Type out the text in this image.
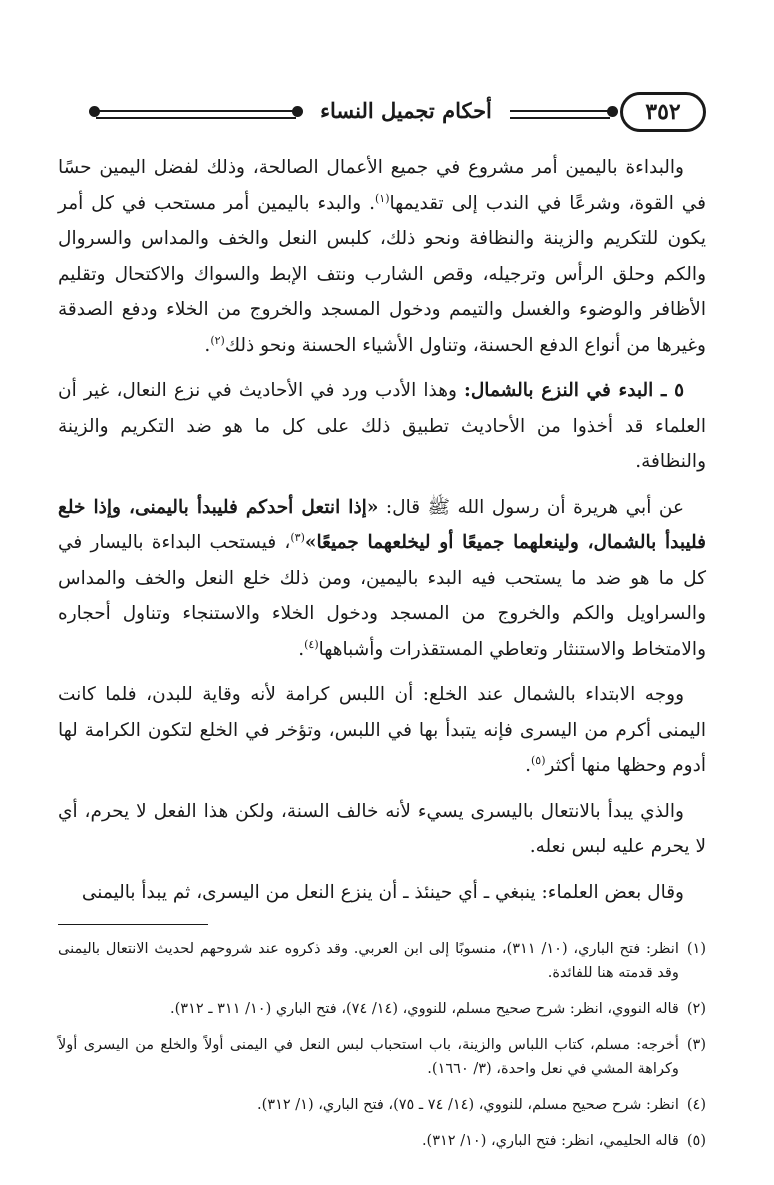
٣٥٢
أحكام تجميل النساء

والبداءة باليمين أمر مشروع في جميع الأعمال الصالحة، وذلك لفضل اليمين حسًا في القوة، وشرعًا في الندب إلى تقديمها$^{(١)}$. والبدء باليمين أمر مستحب في كل أمر يكون للتكريم والزينة والنظافة ونحو ذلك، كلبس النعل والخف والمداس والسروال والكم وحلق الرأس وترجيله، وقص الشارب ونتف الإبط والسواك والاكتحال وتقليم الأظافر والوضوء والغسل والتيمم ودخول المسجد والخروج من الخلاء ودفع الصدقة وغيرها من أنواع الدفع الحسنة، وتناول الأشياء الحسنة ونحو ذلك$^{(٢)}$.

٥ ـ البدء في النزع بالشمال: وهذا الأدب ورد في الأحاديث في نزع النعال، غير أن العلماء قد أخذوا من الأحاديث تطبيق ذلك على كل ما هو ضد التكريم والزينة والنظافة.

عن أبي هريرة أن رسول الله ﷺ قال: «إذا انتعل أحدكم فليبدأ باليمنى، وإذا خلع فليبدأ بالشمال، ولينعلهما جميعًا أو ليخلعهما جميعًا»$^{(٣)}$، فيستحب البداءة باليسار في كل ما هو ضد ما يستحب فيه البدء باليمين، ومن ذلك خلع النعل والخف والمداس والسراويل والكم والخروج من المسجد ودخول الخلاء والاستنجاء وتناول أحجاره والامتخاط والاستنثار وتعاطي المستقذرات وأشباهها$^{(٤)}$.

ووجه الابتداء بالشمال عند الخلع: أن اللبس كرامة لأنه وقاية للبدن، فلما كانت اليمنى أكرم من اليسرى فإنه يتبدأ بها في اللبس، وتؤخر في الخلع لتكون الكرامة لها أدوم وحظها منها أكثر$^{(٥)}$.

والذي يبدأ بالانتعال باليسرى يسيء لأنه خالف السنة، ولكن هذا الفعل لا يحرم، أي لا يحرم عليه لبس نعله.

وقال بعض العلماء: ينبغي ـ أي حينئذ ـ أن ينزع النعل من اليسرى، ثم يبدأ باليمنى

(١)
انظر: فتح الباري، (١٠/ ٣١١)، منسوبًا إلى ابن العربي. وقد ذكروه عند شروحهم لحديث الانتعال باليمنى وقد قدمته هنا للفائدة.
(٢)
قاله النووي، انظر: شرح صحيح مسلم، للنووي، (١٤/ ٧٤)، فتح الباري (١٠/ ٣١١ ـ ٣١٢).
(٣)
أخرجه: مسلم، كتاب اللباس والزينة، باب استحباب لبس النعل في اليمنى أولاً والخلع من اليسرى أولاً وكراهة المشي في نعل واحدة، (٣/ ١٦٦٠).
(٤)
انظر: شرح صحيح مسلم، للنووي، (١٤/ ٧٤ ـ ٧٥)، فتح الباري، (١/ ٣١٢).
(٥)
قاله الحليمي، انظر: فتح الباري، (١٠/ ٣١٢).
